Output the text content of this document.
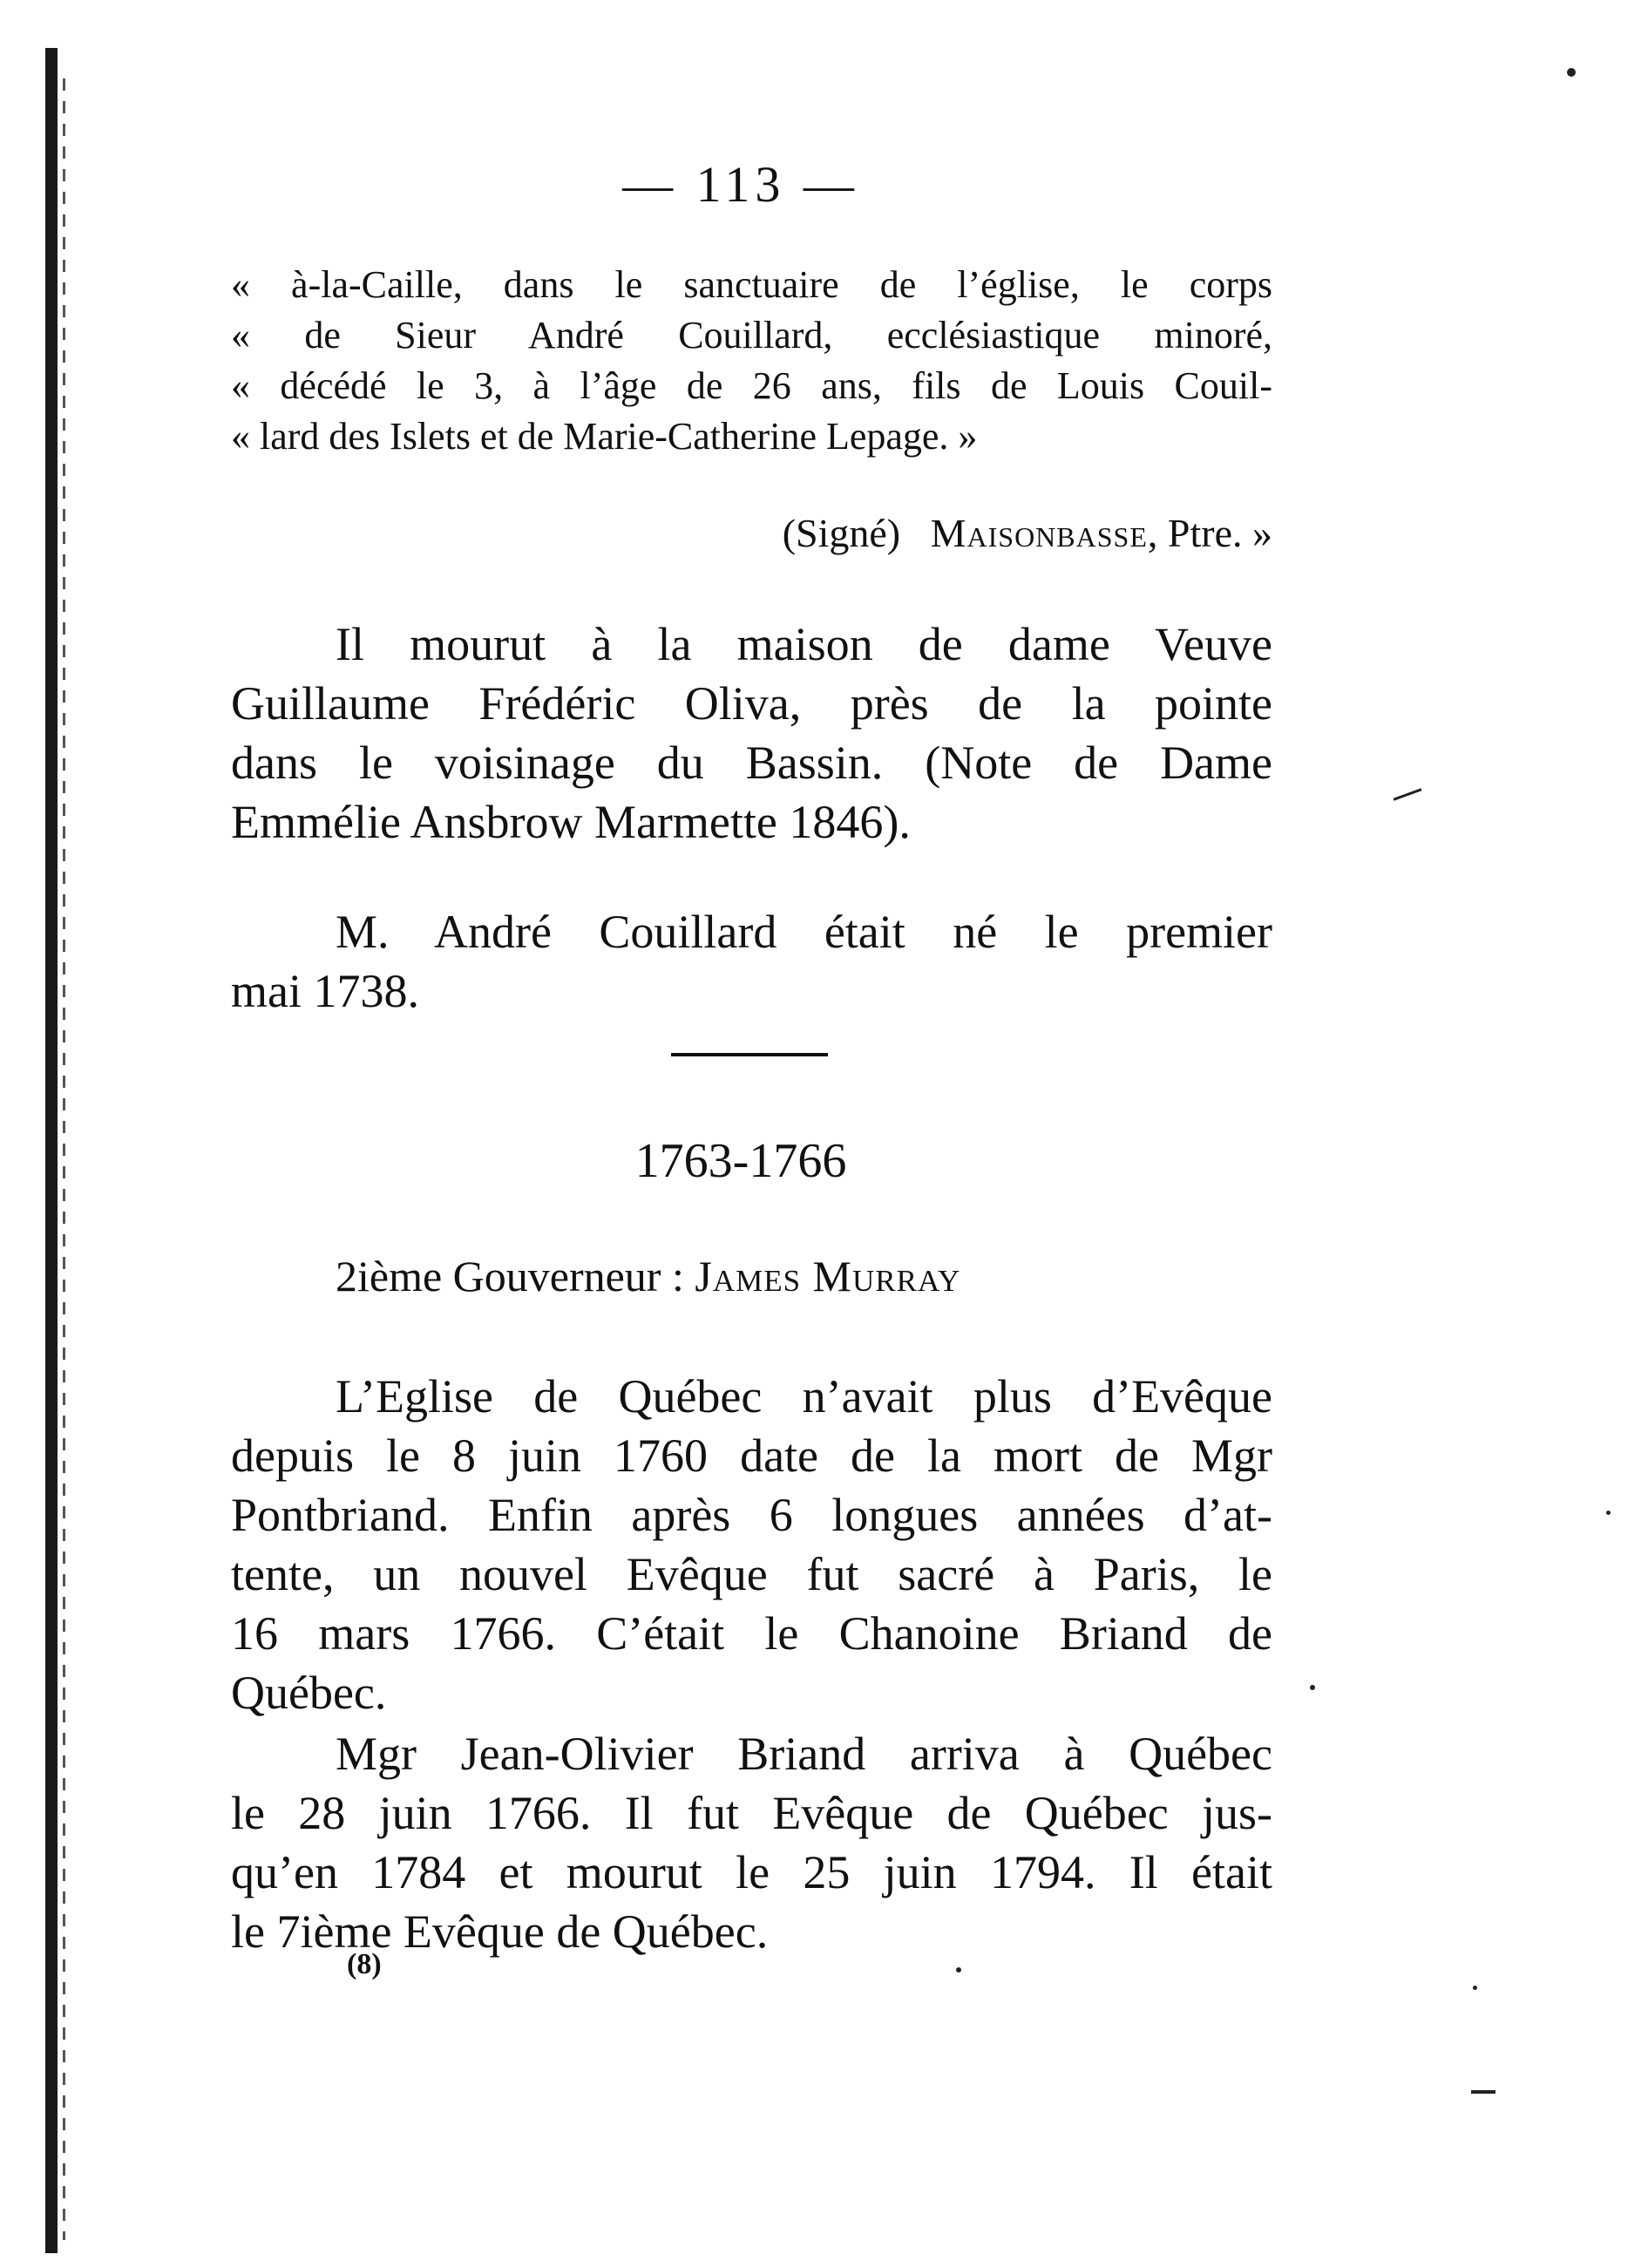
— 113 —
« à-la-Caille, dans le sanctuaire de l’église, le corps
« de Sieur André Couillard, ecclésiastique minoré,
« décédé le 3, à l’âge de 26 ans, fils de Louis Couil-
« lard des Islets et de Marie-Catherine Lepage. »
(Signé) Maisonbasse, Ptre. »
Il mourut à la maison de dame Veuve
Guillaume Frédéric Oliva, près de la pointe
dans le voisinage du Bassin. (Note de Dame
Emmélie Ansbrow Marmette 1846).
M. André Couillard était né le premier
mai 1738.
1763-1766
2ième Gouverneur : James Murray
L’Eglise de Québec n’avait plus d’Evêque
depuis le 8 juin 1760 date de la mort de Mgr
Pontbriand. Enfin après 6 longues années d’at-
tente, un nouvel Evêque fut sacré à Paris, le
16 mars 1766. C’était le Chanoine Briand de
Québec.
Mgr Jean-Olivier Briand arriva à Québec
le 28 juin 1766. Il fut Evêque de Québec jus-
qu’en 1784 et mourut le 25 juin 1794. Il était
le 7ième Evêque de Québec.
(8)
